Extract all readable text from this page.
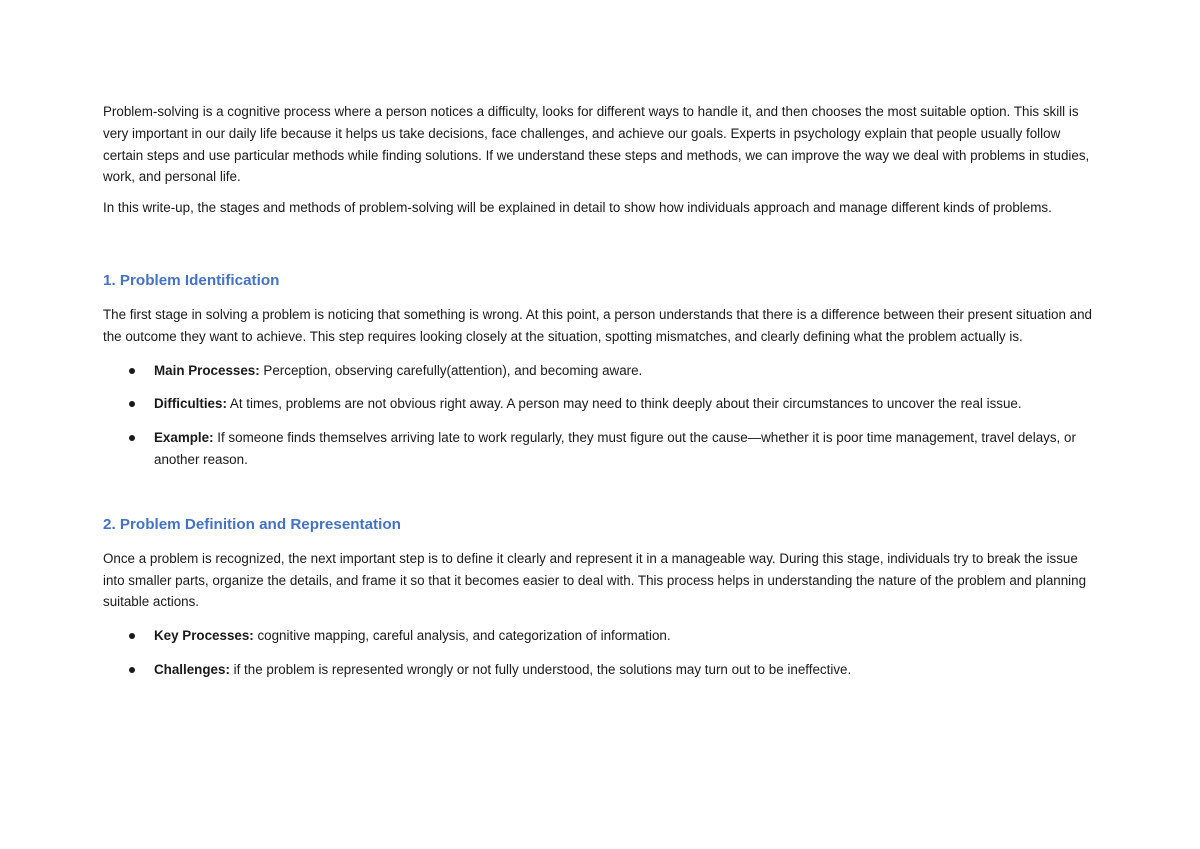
Problem-solving is a cognitive process where a person notices a difficulty, looks for different ways to handle it, and then chooses the most suitable option. This skill is very important in our daily life because it helps us take decisions, face challenges, and achieve our goals. Experts in psychology explain that people usually follow certain steps and use particular methods while finding solutions. If we understand these steps and methods, we can improve the way we deal with problems in studies, work, and personal life.

In this write-up, the stages and methods of problem-solving will be explained in detail to show how individuals approach and manage different kinds of problems.

1. Problem Identification

The first stage in solving a problem is noticing that something is wrong. At this point, a person understands that there is a difference between their present situation and the outcome they want to achieve. This step requires looking closely at the situation, spotting mismatches, and clearly defining what the problem actually is.

Main Processes: Perception, observing carefully(attention), and becoming aware.
Difficulties: At times, problems are not obvious right away. A person may need to think deeply about their circumstances to uncover the real issue.
Example: If someone finds themselves arriving late to work regularly, they must figure out the cause—whether it is poor time management, travel delays, or another reason.
2. Problem Definition and Representation

Once a problem is recognized, the next important step is to define it clearly and represent it in a manageable way. During this stage, individuals try to break the issue into smaller parts, organize the details, and frame it so that it becomes easier to deal with. This process helps in understanding the nature of the problem and planning suitable actions.

Key Processes: cognitive mapping, careful analysis, and categorization of information.
Challenges: if the problem is represented wrongly or not fully understood, the solutions may turn out to be ineffective.
